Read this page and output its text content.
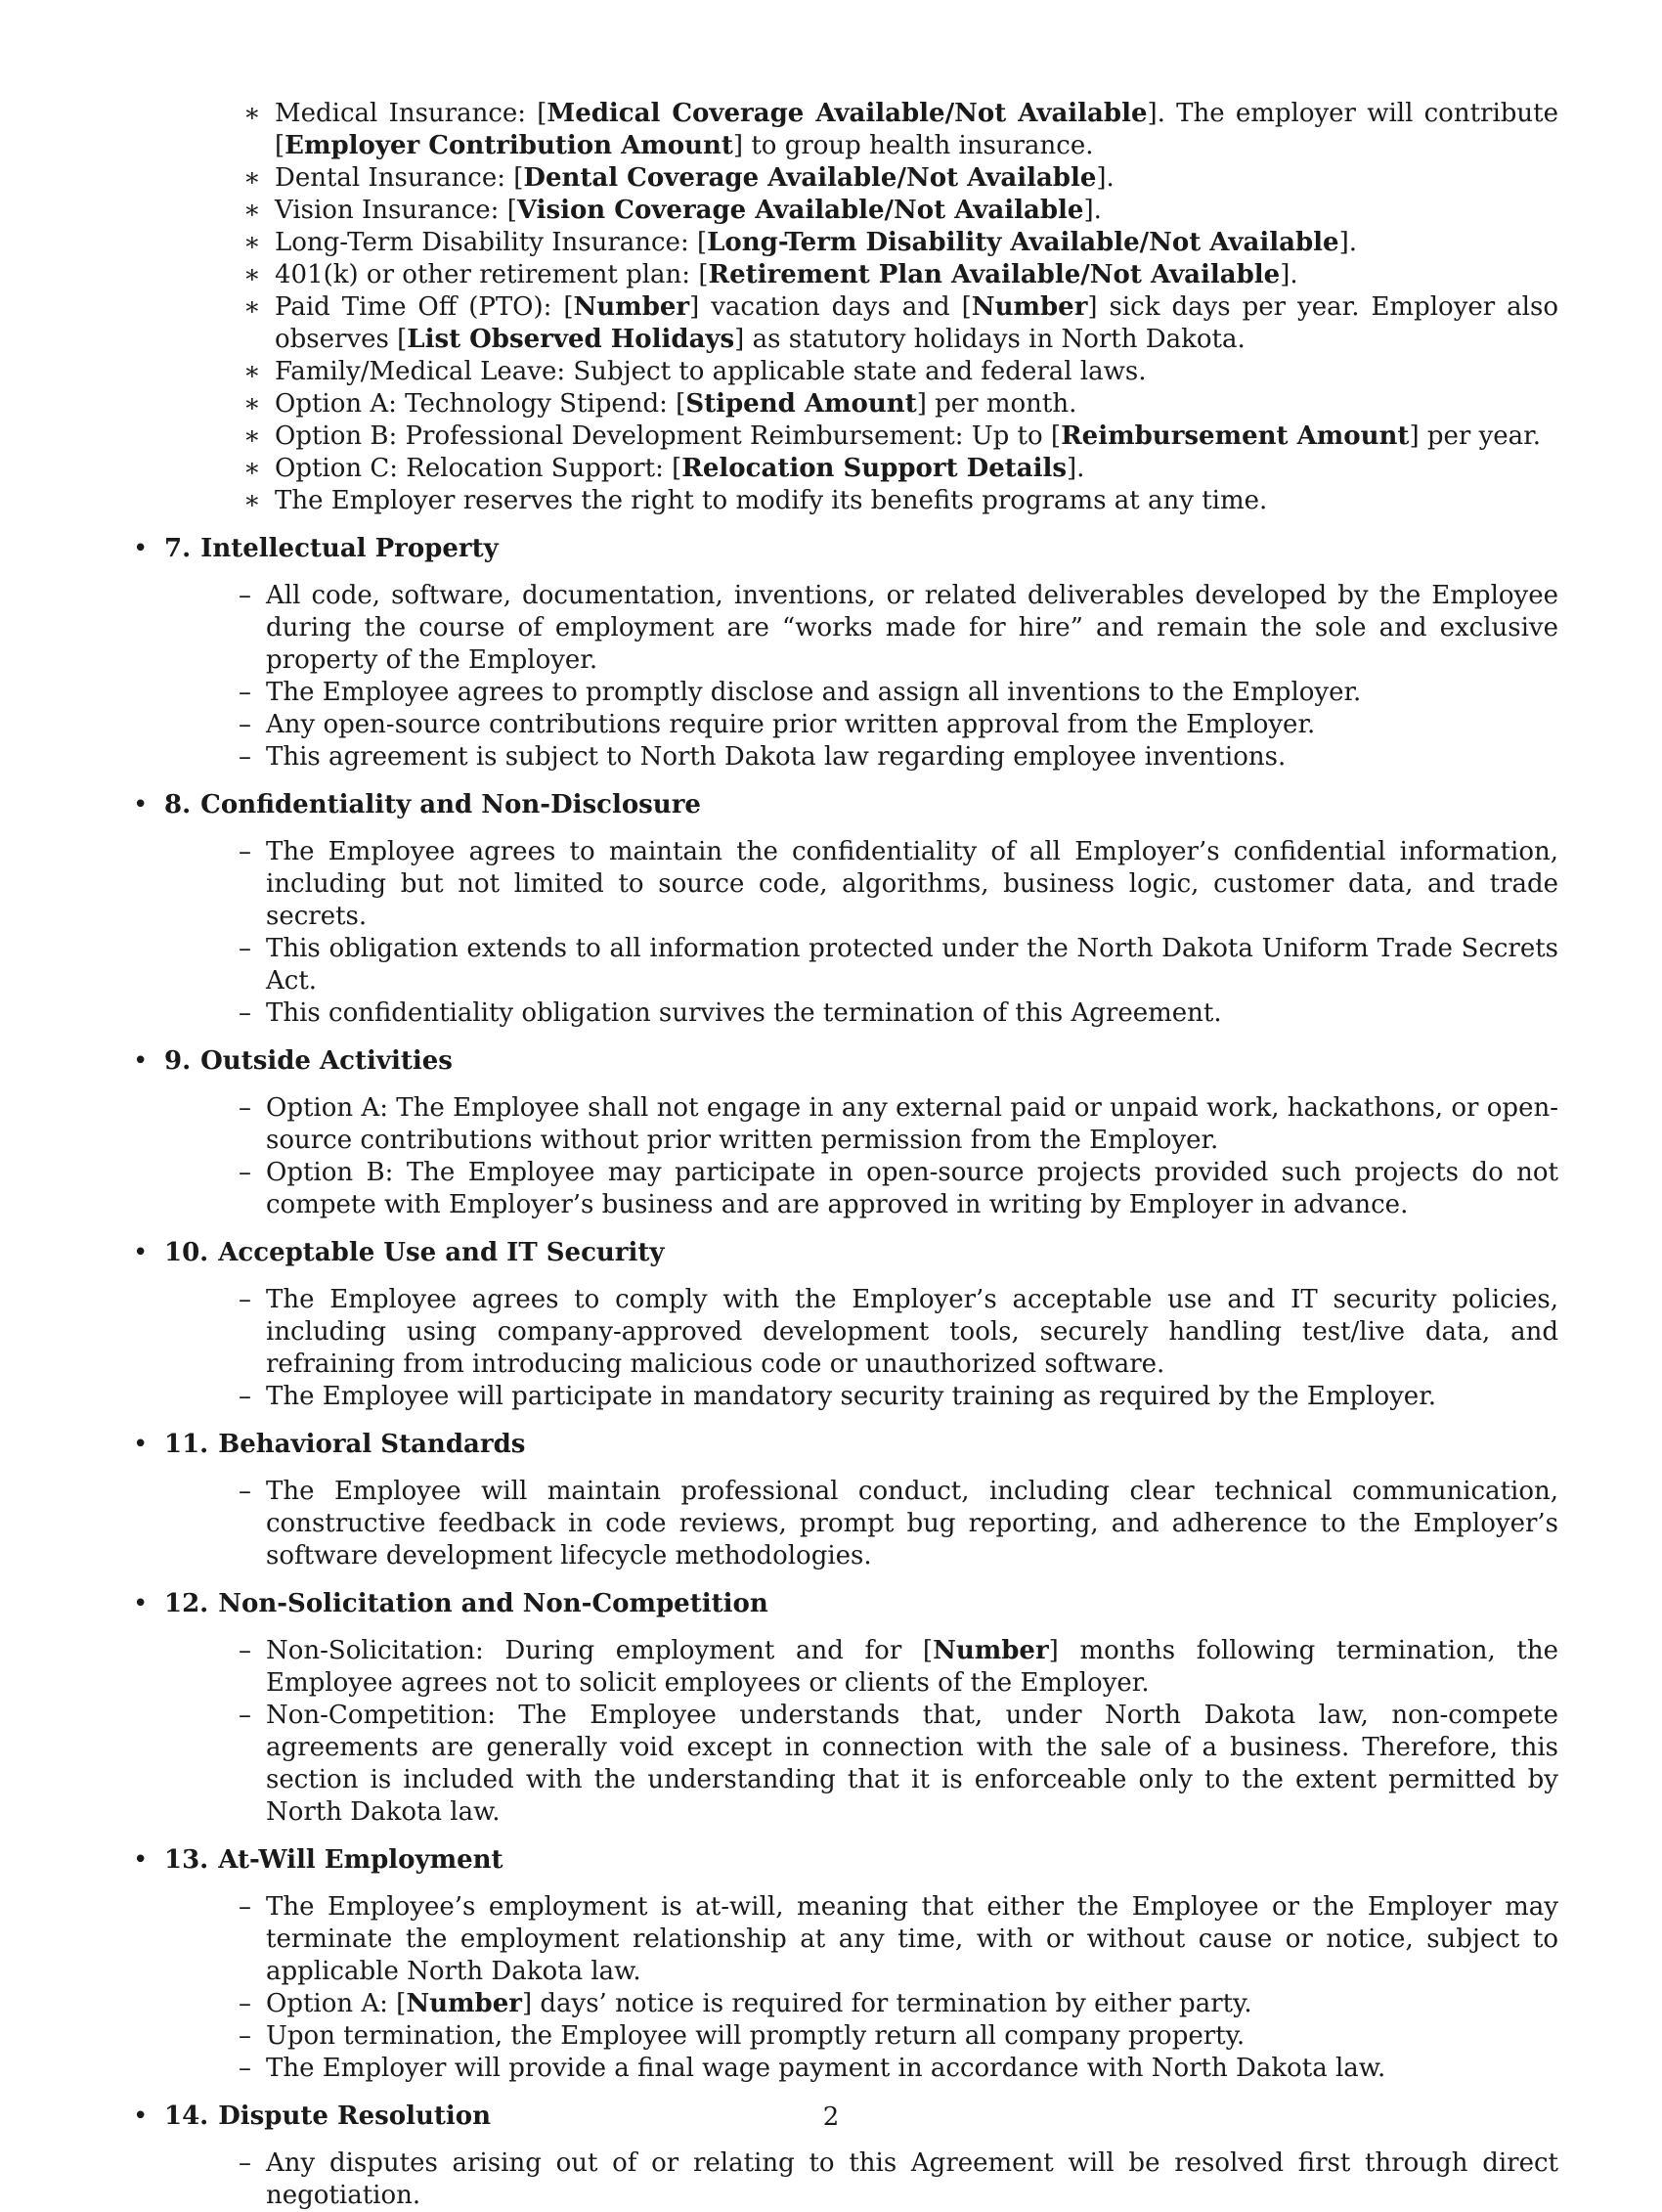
∗ Medical Insurance: [Medical Coverage Available/Not Available]. The employer will contribute [Employer Contribution Amount] to group health insurance.
∗ Dental Insurance: [Dental Coverage Available/Not Available].
∗ Vision Insurance: [Vision Coverage Available/Not Available].
∗ Long-Term Disability Insurance: [Long-Term Disability Available/Not Available].
∗ 401(k) or other retirement plan: [Retirement Plan Available/Not Available].
∗ Paid Time Off (PTO): [Number] vacation days and [Number] sick days per year. Employer also observes [List Observed Holidays] as statutory holidays in North Dakota.
∗ Family/Medical Leave: Subject to applicable state and federal laws.
∗ Option A: Technology Stipend: [Stipend Amount] per month.
∗ Option B: Professional Development Reimbursement: Up to [Reimbursement Amount] per year.
∗ Option C: Relocation Support: [Relocation Support Details].
∗ The Employer reserves the right to modify its benefits programs at any time.
• 7. Intellectual Property
– All code, software, documentation, inventions, or related deliverables developed by the Employee during the course of employment are “works made for hire” and remain the sole and exclusive property of the Employer.
– The Employee agrees to promptly disclose and assign all inventions to the Employer.
– Any open-source contributions require prior written approval from the Employer.
– This agreement is subject to North Dakota law regarding employee inventions.
• 8. Confidentiality and Non-Disclosure
– The Employee agrees to maintain the confidentiality of all Employer’s confidential information, including but not limited to source code, algorithms, business logic, customer data, and trade secrets.
– This obligation extends to all information protected under the North Dakota Uniform Trade Secrets Act.
– This confidentiality obligation survives the termination of this Agreement.
• 9. Outside Activities
– Option A: The Employee shall not engage in any external paid or unpaid work, hackathons, or open-source contributions without prior written permission from the Employer.
– Option B: The Employee may participate in open-source projects provided such projects do not compete with Employer’s business and are approved in writing by Employer in advance.
• 10. Acceptable Use and IT Security
– The Employee agrees to comply with the Employer’s acceptable use and IT security policies, including using company-approved development tools, securely handling test/live data, and refraining from introducing malicious code or unauthorized software.
– The Employee will participate in mandatory security training as required by the Employer.
• 11. Behavioral Standards
– The Employee will maintain professional conduct, including clear technical communication, constructive feedback in code reviews, prompt bug reporting, and adherence to the Employer’s software development lifecycle methodologies.
• 12. Non-Solicitation and Non-Competition
– Non-Solicitation: During employment and for [Number] months following termination, the Employee agrees not to solicit employees or clients of the Employer.
– Non-Competition: The Employee understands that, under North Dakota law, non-compete agreements are generally void except in connection with the sale of a business. Therefore, this section is included with the understanding that it is enforceable only to the extent permitted by North Dakota law.
• 13. At-Will Employment
– The Employee’s employment is at-will, meaning that either the Employee or the Employer may terminate the employment relationship at any time, with or without cause or notice, subject to applicable North Dakota law.
– Option A: [Number] days’ notice is required for termination by either party.
– Upon termination, the Employee will promptly return all company property.
– The Employer will provide a final wage payment in accordance with North Dakota law.
• 14. Dispute Resolution
– Any disputes arising out of or relating to this Agreement will be resolved first through direct negotiation.
2
